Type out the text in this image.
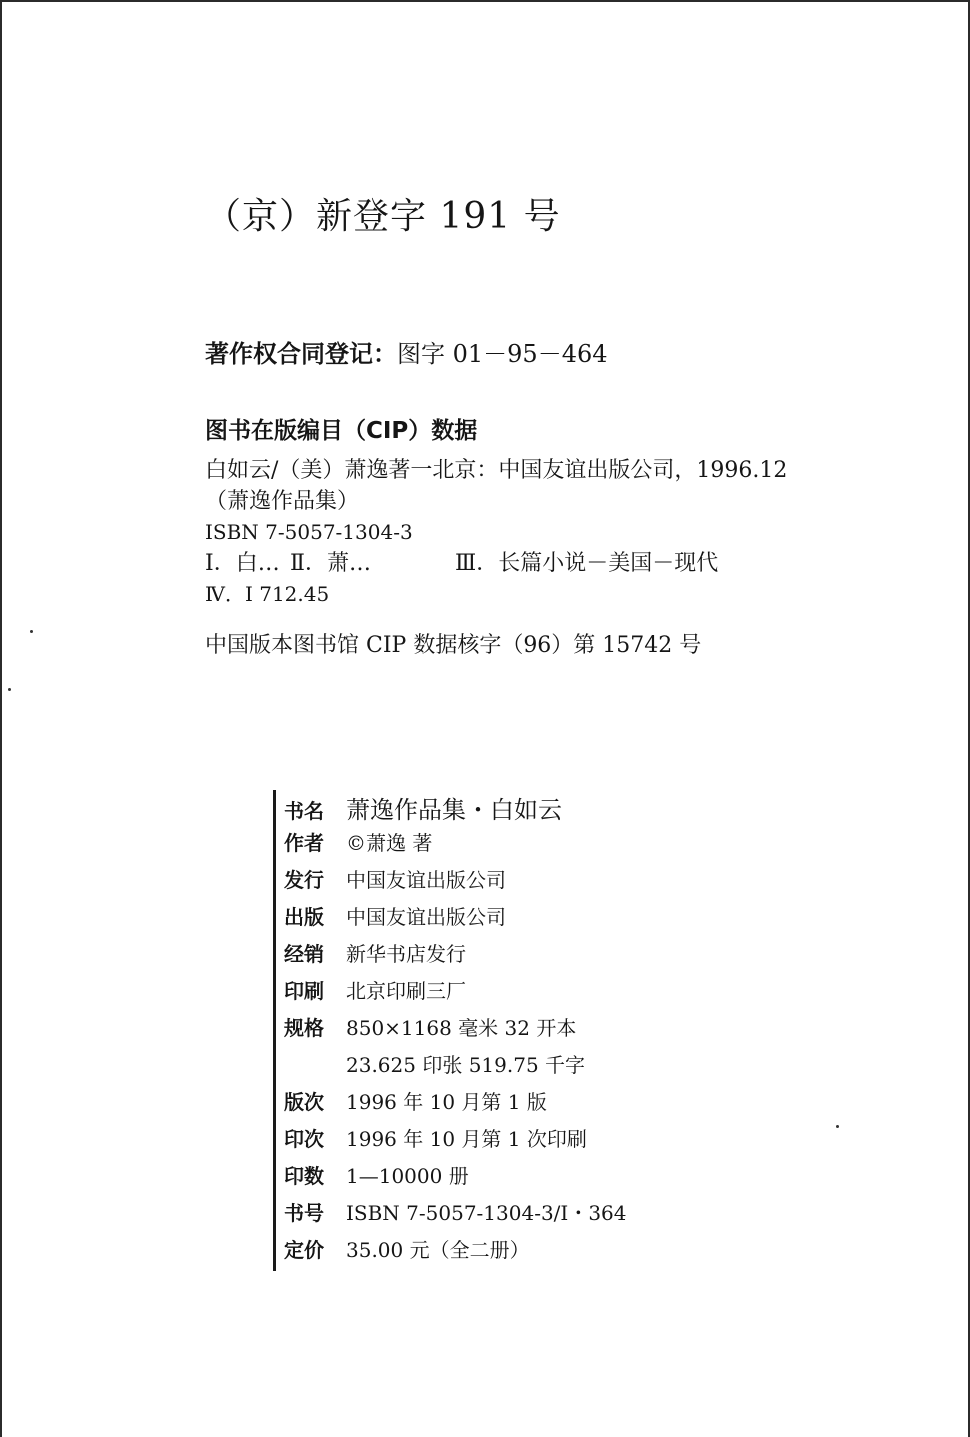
（京）新登字 191 号
著作权合同登记：图字 01－95－464
图书在版编目（CIP）数据
白如云/（美）萧逸著一北京：中国友谊出版公司，1996.12
（萧逸作品集）
ISBN 7-5057-1304-3
Ⅰ．白… Ⅱ．萧…	Ⅲ．长篇小说－美国－现代
Ⅳ．I 712.45
中国版本图书馆 CIP 数据核字（96）第 15742 号
书名 萧逸作品集・白如云
作者	©萧逸 著
发行	中国友谊出版公司
出版	中国友谊出版公司
经销	新华书店发行
印刷	北京印刷三厂
规格	850×1168 毫米 32 开本
23.625 印张 519.75 千字
版次	1996 年 10 月第 1 版
印次	1996 年 10 月第 1 次印刷
印数	1—10000 册
书号	ISBN 7-5057-1304-3/Ⅰ・364
定价	35.00 元（全二册）
